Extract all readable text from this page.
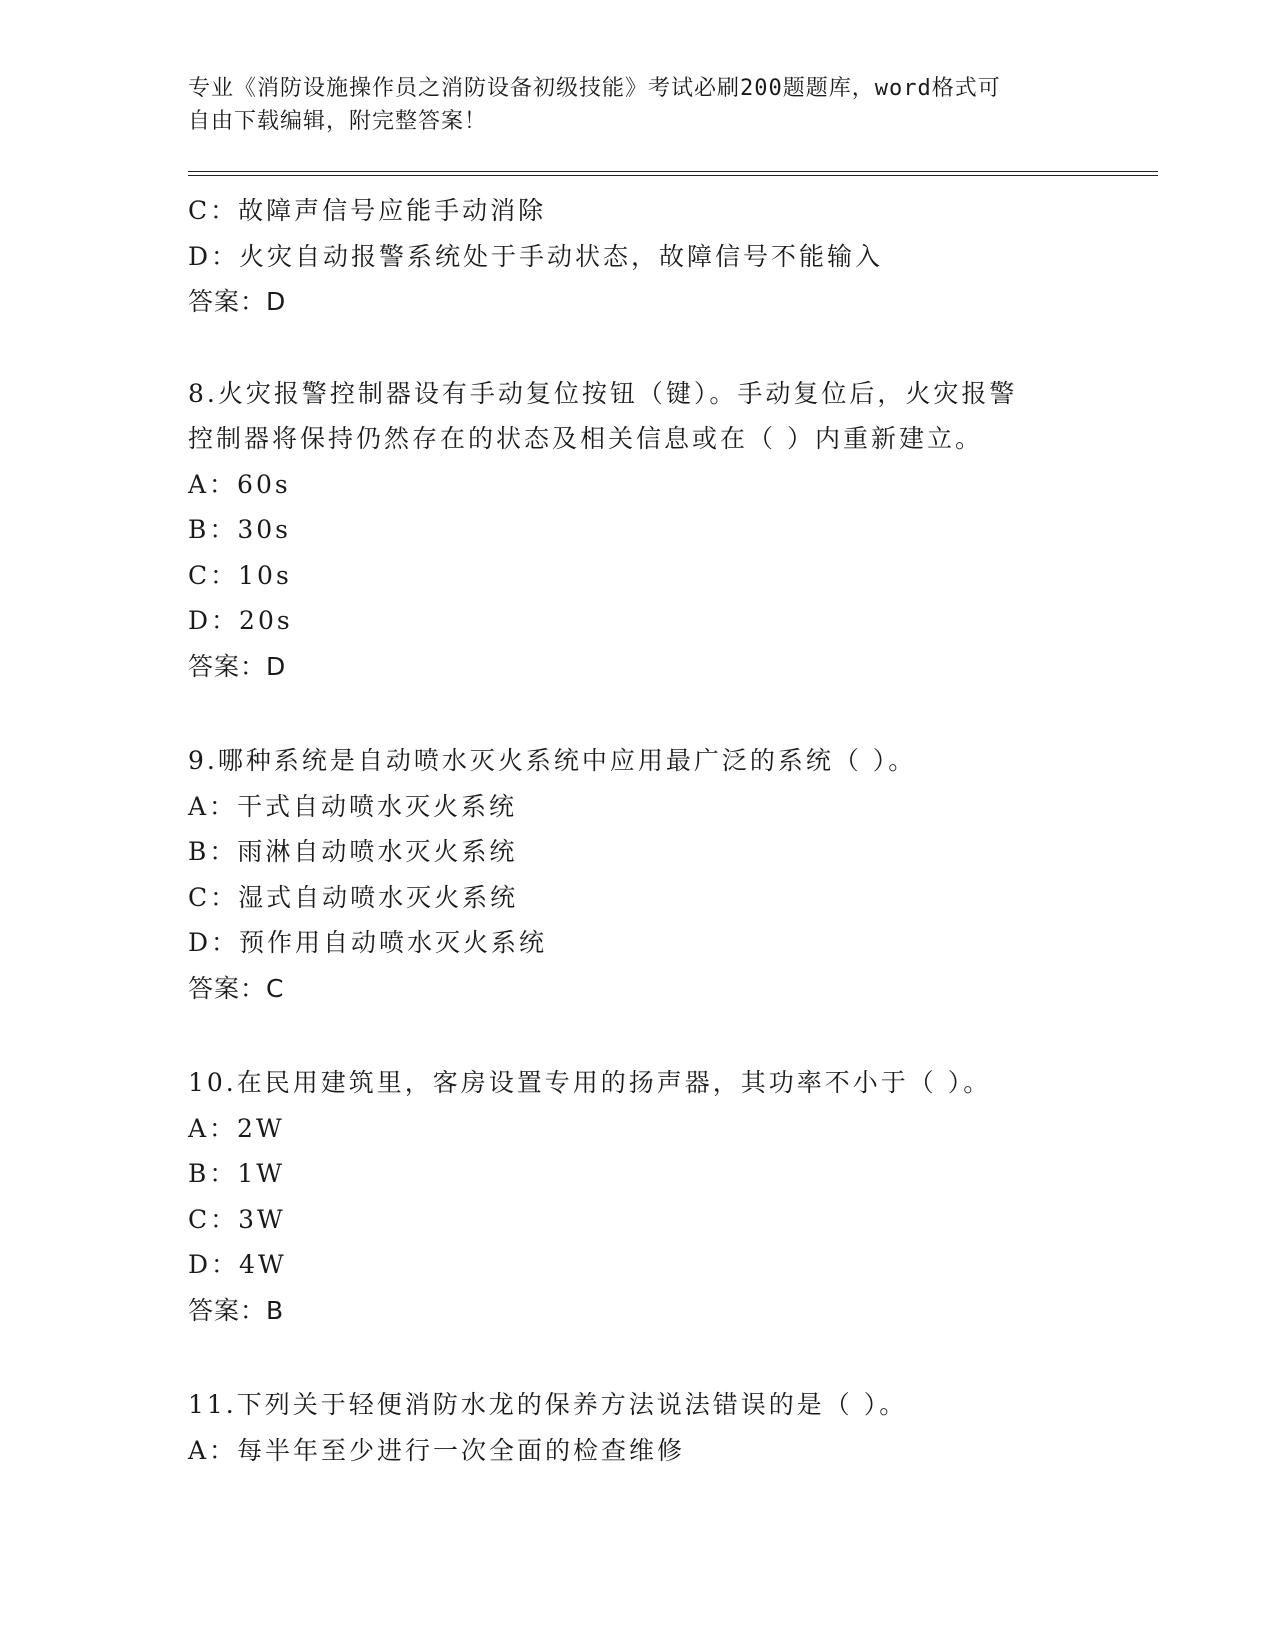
专业《消防设施操作员之消防设备初级技能》考试必刷200题题库，word格式可
自由下载编辑，附完整答案！
C：故障声信号应能手动消除
D：火灾自动报警系统处于手动状态，故障信号不能输入
答案：D
8.火灾报警控制器设有手动复位按钮（键）。手动复位后，火灾报警
控制器将保持仍然存在的状态及相关信息或在（ ）内重新建立。
A：60s
B：30s
C：10s
D：20s
答案：D
9.哪种系统是自动喷水灭火系统中应用最广泛的系统（ ）。
A：干式自动喷水灭火系统
B：雨淋自动喷水灭火系统
C：湿式自动喷水灭火系统
D：预作用自动喷水灭火系统
答案：C
10.在民用建筑里，客房设置专用的扬声器，其功率不小于（ ）。
A：2W
B：1W
C：3W
D：4W
答案：B
11.下列关于轻便消防水龙的保养方法说法错误的是（ ）。
A：每半年至少进行一次全面的检查维修
